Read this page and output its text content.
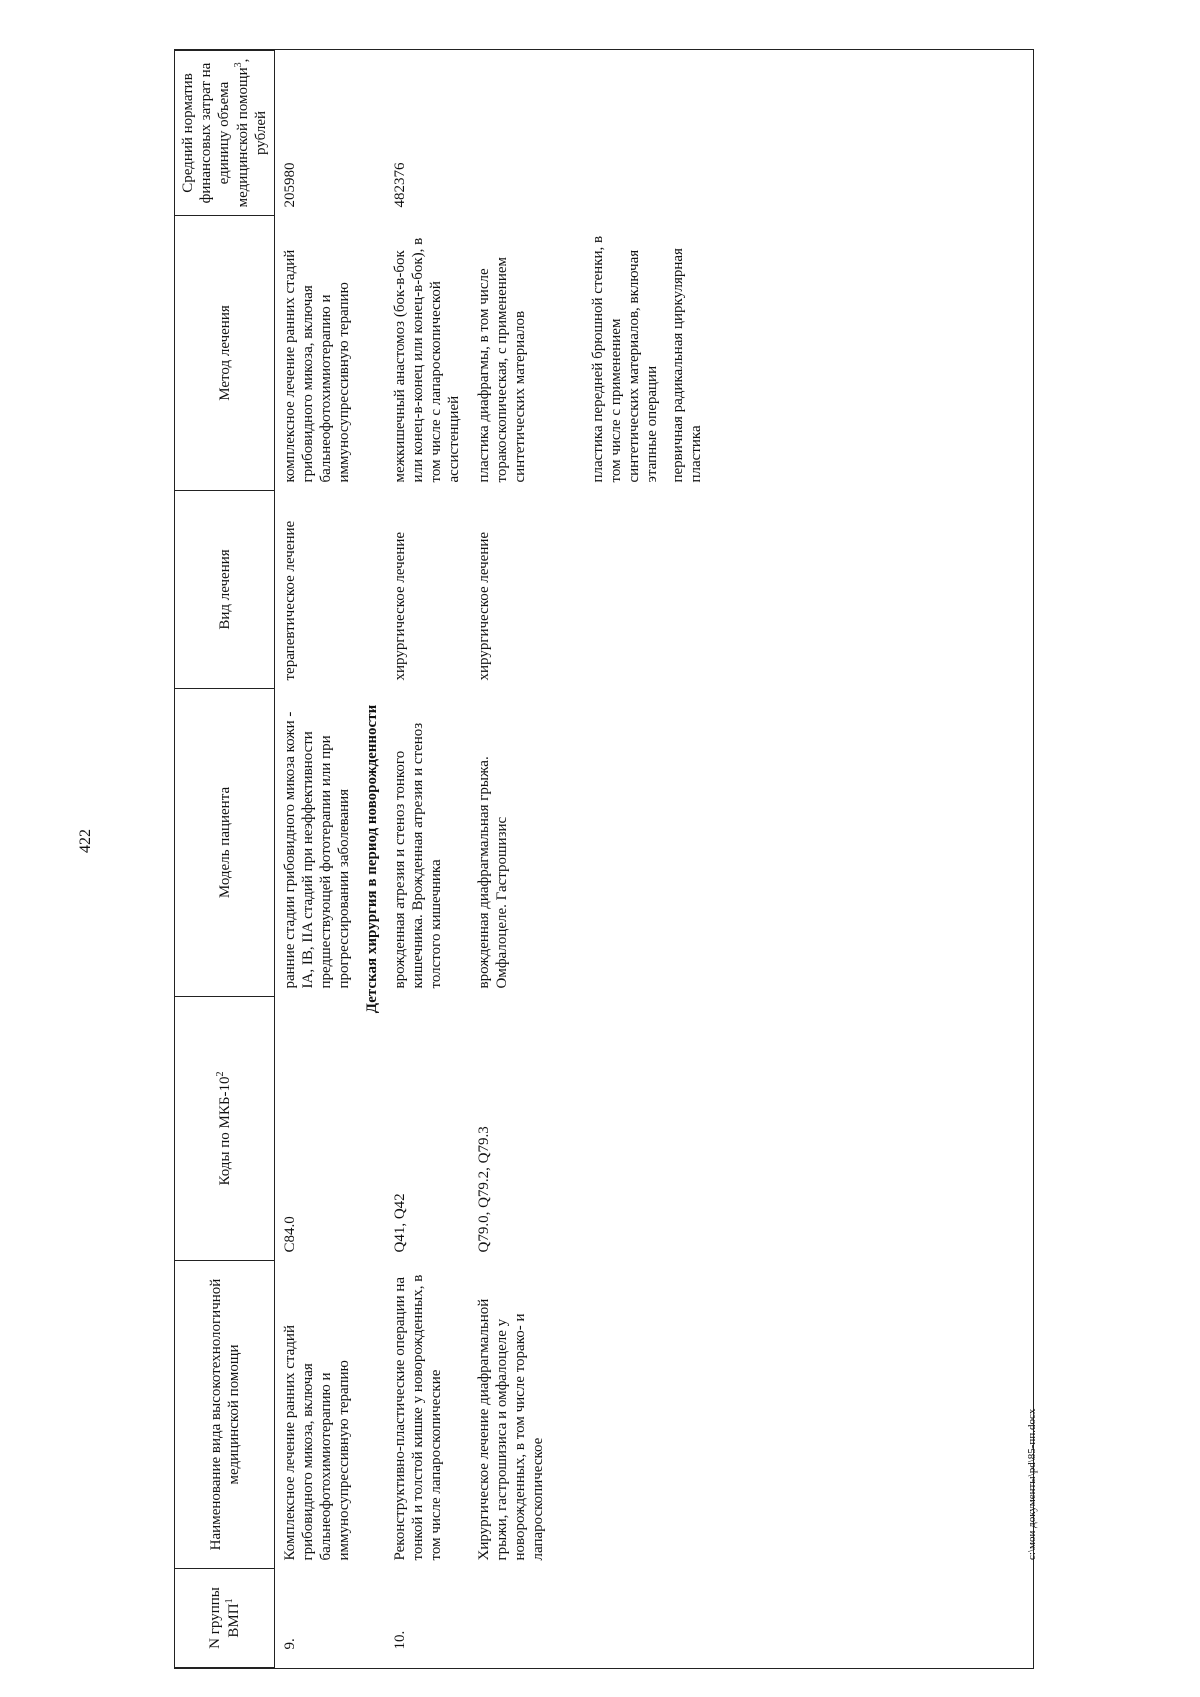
422
N группы ВМП$^1$	Наименование вида высокотехнологичной медицинской помощи	Коды по МКБ-$10^2$	Модель пациента	Вид лечения	Метод лечения	Средний норматив финансовых затрат на единицу объема медицинской помощи$^3$, рублей
9.	Комплексное лечение ранних стадий грибовидного микоза, включая бальнеофотохимиотерапию и иммуносупрессивную терапию	C84.0	ранние стадии грибовидного микоза кожи - IA, IB, IIA стадий при неэффективности предшествующей фототерапии или при прогрессировании заболевания	терапевтическое лечение	комплексное лечение ранних стадий грибовидного микоза, включая бальнеофотохимиотерапию и иммуносупрессивную терапию	205980
Детская хирургия в период новорожденности						
10.	Реконструктивно-пластические операции на тонкой и толстой кишке у новорожденных, в том числе лапароскопические	Q41, Q42	врожденная атрезия и стеноз тонкого кишечника. Врожденная атрезия и стеноз толстого кишечника	хирургическое лечение	межкишечный анастомоз (бок-в-бок или конец-в-конец или конец-в-бок), в том числе с лапароскопической ассистенцией	482376
	Хирургическое лечение диафрагмальной грыжи, гастрошизиса и омфалоцеле у новорожденных, в том числе торако- и лапароскопическое	Q79.0, Q79.2, Q79.3	врожденная диафрагмальная грыжа. Омфалоцеле. Гастрошизис	хирургическое лечение	пластика диафрагмы, в том числе торакоскопическая, с применением синтетических материалов пластика передней брюшной стенки, в том числе с применением синтетических материалов, включая этапные операции первичная радикальная циркулярная пластика	

c:\мои документы\pd\85-пп.docx
